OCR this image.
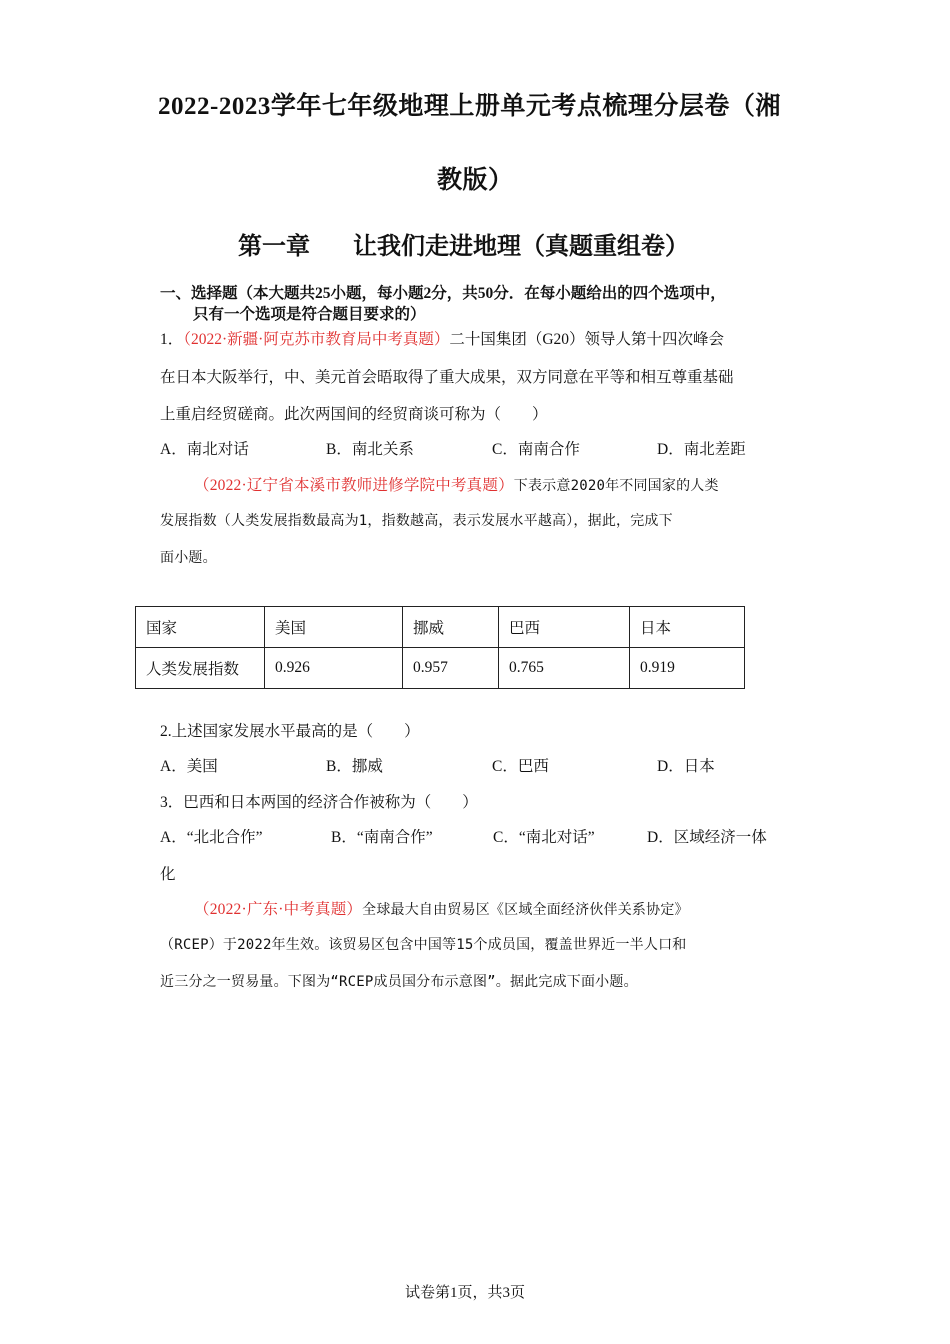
2022-2023学年七年级地理上册单元考点梳理分层卷（湘
教版）
第一章 让我们走进地理（真题重组卷）
一、选择题（本大题共25小题，每小题2分，共50分．在每小题给出的四个选项中，
只有一个选项是符合题目要求的）
1．（2022·新疆·阿克苏市教育局中考真题）二十国集团（G20）领导人第十四次峰会
在日本大阪举行，中、美元首会晤取得了重大成果，双方同意在平等和相互尊重基础
上重启经贸磋商。此次两国间的经贸商谈可称为（　　）
A．南北对话	B．南北关系	C．南南合作	D．南北差距
（2022·辽宁省本溪市教师进修学院中考真题）下表示意2020年不同国家的人类
发展指数（人类发展指数最高为1，指数越高，表示发展水平越高），据此，完成下
面小题。
国家	美国	挪威	巴西	日本
人类发展指数	0.926	0.957	0.765	0.919
2.上述国家发展水平最高的是（　　）
A．美国	B．挪威	C．巴西	D．日本
3．巴西和日本两国的经济合作被称为（　　）
A．“北北合作”	B．“南南合作”	C．“南北对话”	D．区域经济一体
化
（2022·广东·中考真题）全球最大自由贸易区《区域全面经济伙伴关系协定》
（RCEP）于2022年生效。该贸易区包含中国等15个成员国，覆盖世界近一半人口和
近三分之一贸易量。下图为“RCEP成员国分布示意图”。据此完成下面小题。
试卷第1页，共3页
